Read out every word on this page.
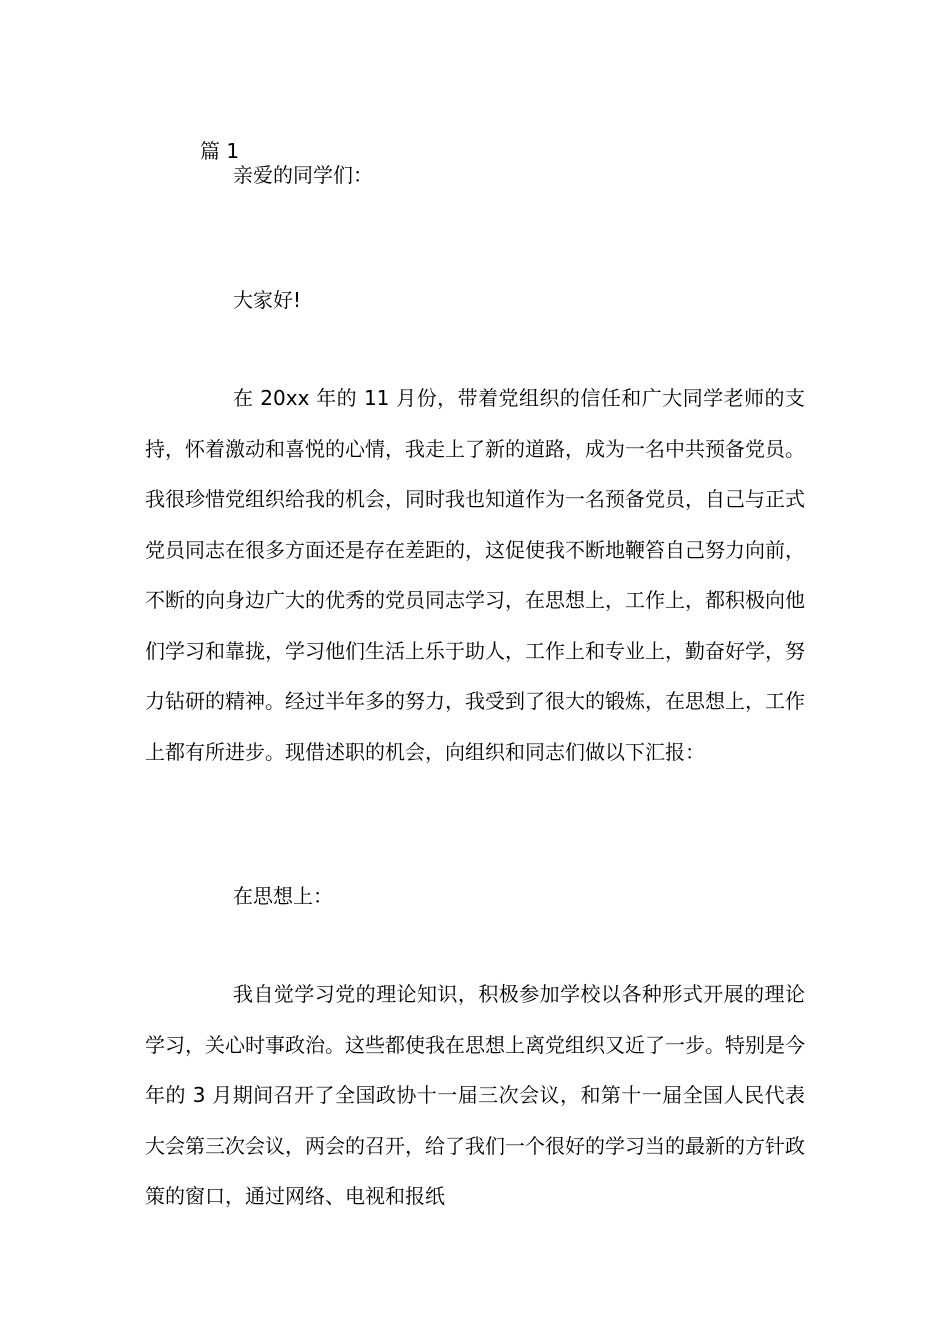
篇 1
亲爱的同学们：
大家好!

在 20xx 年的 11 月份，带着党组织的信任和广大同学老师的支持，怀着激动和喜悦的心情，我走上了新的道路，成为一名中共预备党员。我很珍惜党组织给我的机会，同时我也知道作为一名预备党员，自己与正式党员同志在很多方面还是存在差距的，这促使我不断地鞭笞自己努力向前，不断的向身边广大的优秀的党员同志学习，在思想上，工作上，都积极向他们学习和靠拢，学习他们生活上乐于助人，工作上和专业上，勤奋好学，努力钻研的精神。经过半年多的努力，我受到了很大的锻炼，在思想上，工作上都有所进步。现借述职的机会，向组织和同志们做以下汇报：

在思想上：

我自觉学习党的理论知识，积极参加学校以各种形式开展的理论学习，关心时事政治。这些都使我在思想上离党组织又近了一步。特别是今年的 3 月期间召开了全国政协十一届三次会议，和第十一届全国人民代表大会第三次会议，两会的召开，给了我们一个很好的学习当的最新的方针政策的窗口，通过网络、电视和报纸
